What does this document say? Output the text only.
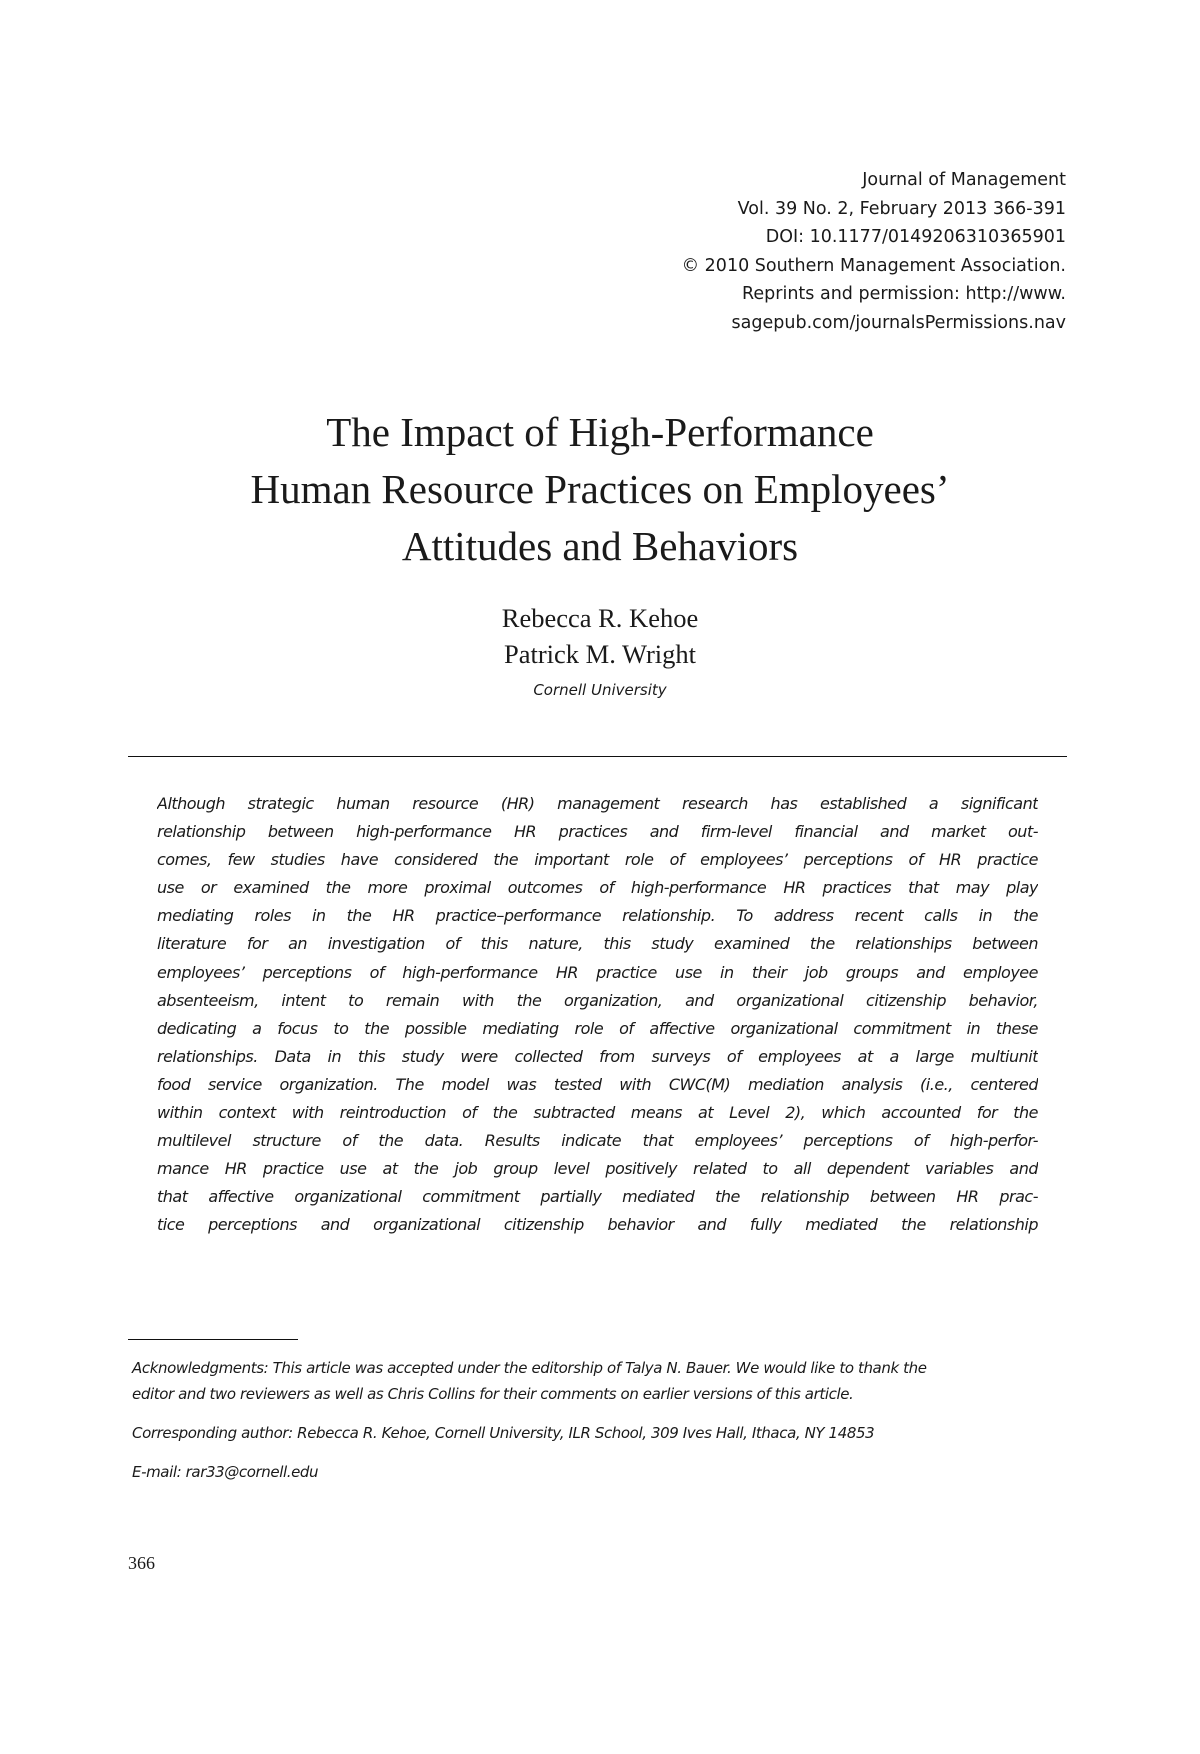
Journal of Management
Vol. 39 No. 2, February 2013 366-391
DOI: 10.1177/0149206310365901
© 2010 Southern Management Association.
Reprints and permission: http://www.
sagepub.com/journalsPermissions.nav
The Impact of High-Performance
Human Resource Practices on Employees’
Attitudes and Behaviors
Rebecca R. Kehoe
Patrick M. Wright
Cornell University
Although strategic human resource (HR) management research has established a significant
relationship between high-performance HR practices and firm-level financial and market out-
comes, few studies have considered the important role of employees’ perceptions of HR practice
use or examined the more proximal outcomes of high-performance HR practices that may play
mediating roles in the HR practice–performance relationship. To address recent calls in the
literature for an investigation of this nature, this study examined the relationships between
employees’ perceptions of high-performance HR practice use in their job groups and employee
absenteeism, intent to remain with the organization, and organizational citizenship behavior,
dedicating a focus to the possible mediating role of affective organizational commitment in these
relationships. Data in this study were collected from surveys of employees at a large multiunit
food service organization. The model was tested with CWC(M) mediation analysis (i.e., centered
within context with reintroduction of the subtracted means at Level 2), which accounted for the
multilevel structure of the data. Results indicate that employees’ perceptions of high-perfor-
mance HR practice use at the job group level positively related to all dependent variables and
that affective organizational commitment partially mediated the relationship between HR prac-
tice perceptions and organizational citizenship behavior and fully mediated the relationship

Acknowledgments: This article was accepted under the editorship of Talya N. Bauer. We would like to thank the
editor and two reviewers as well as Chris Collins for their comments on earlier versions of this article.

Corresponding author: Rebecca R. Kehoe, Cornell University, ILR School, 309 Ives Hall, Ithaca, NY 14853

E-mail: rar33@cornell.edu

366
